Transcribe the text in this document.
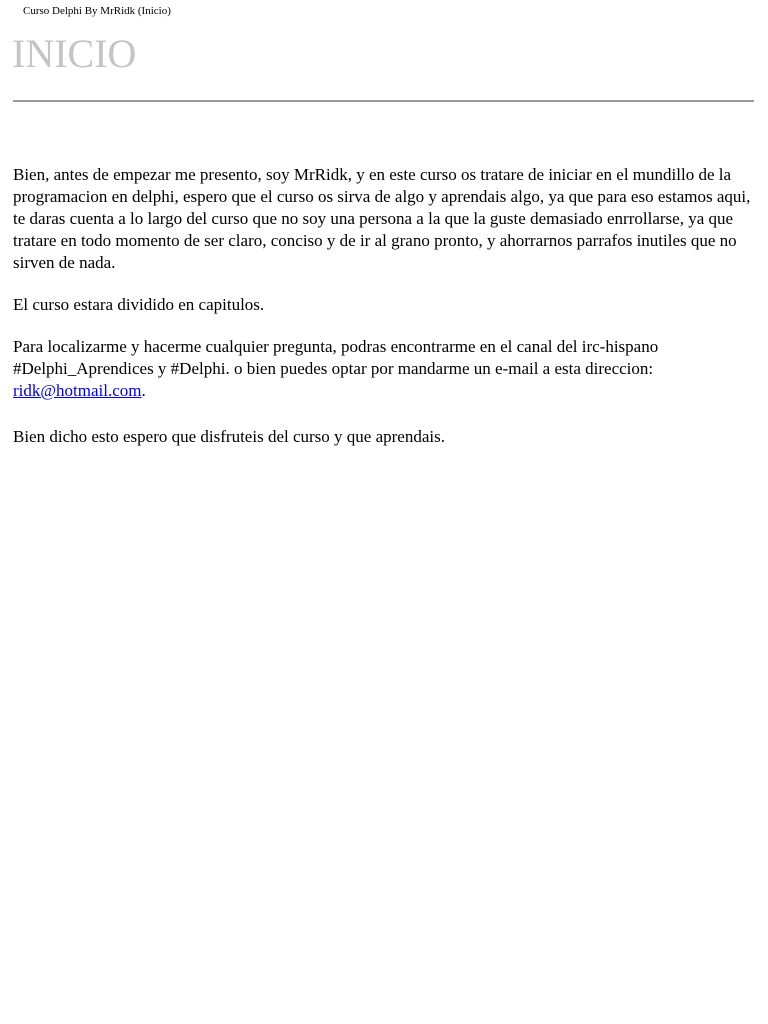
Curso Delphi By MrRidk (Inicio)
INICIO

Bien, antes de empezar me presento, soy MrRidk, y en este curso os tratare de iniciar en el mundillo de la programacion en delphi, espero que el curso os sirva de algo y aprendais algo, ya que para eso estamos aqui, te daras cuenta a lo largo del curso que no soy una persona a la que la guste demasiado enrrollarse, ya que tratare en todo momento de ser claro, conciso y de ir al grano pronto, y ahorrarnos parrafos inutiles que no sirven de nada.

El curso estara dividido en capitulos.

Para localizarme y hacerme cualquier pregunta, podras encontrarme en el canal del irc-hispano #Delphi_Aprendices y #Delphi. o bien puedes optar por mandarme un e-mail a esta direccion:
ridk@hotmail.com.

Bien dicho esto espero que disfruteis del curso y que aprendais.
